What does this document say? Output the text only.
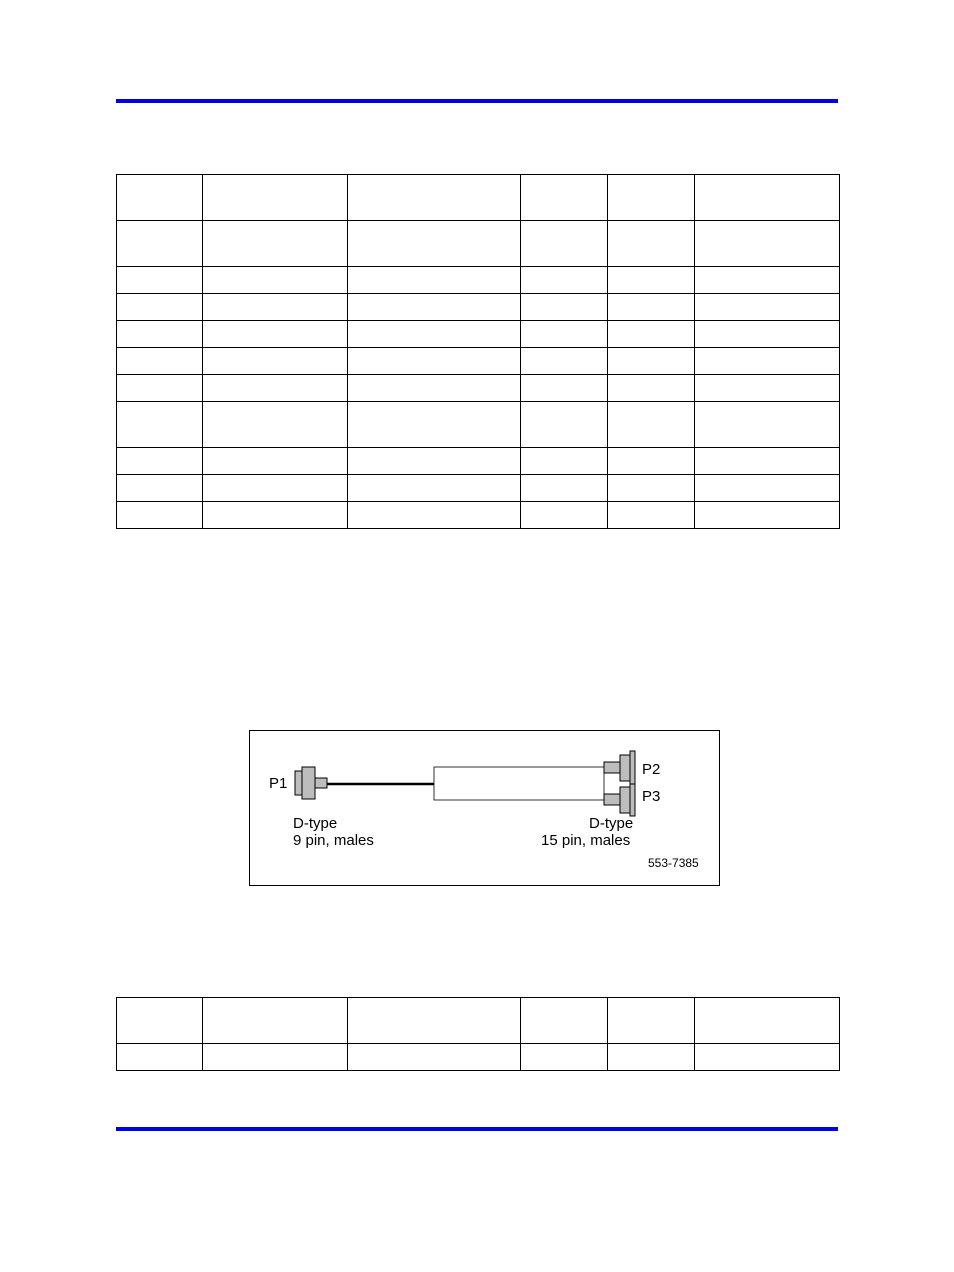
P1
P2
P3
D-type
9 pin, males
D-type
15 pin, males
553-7385
